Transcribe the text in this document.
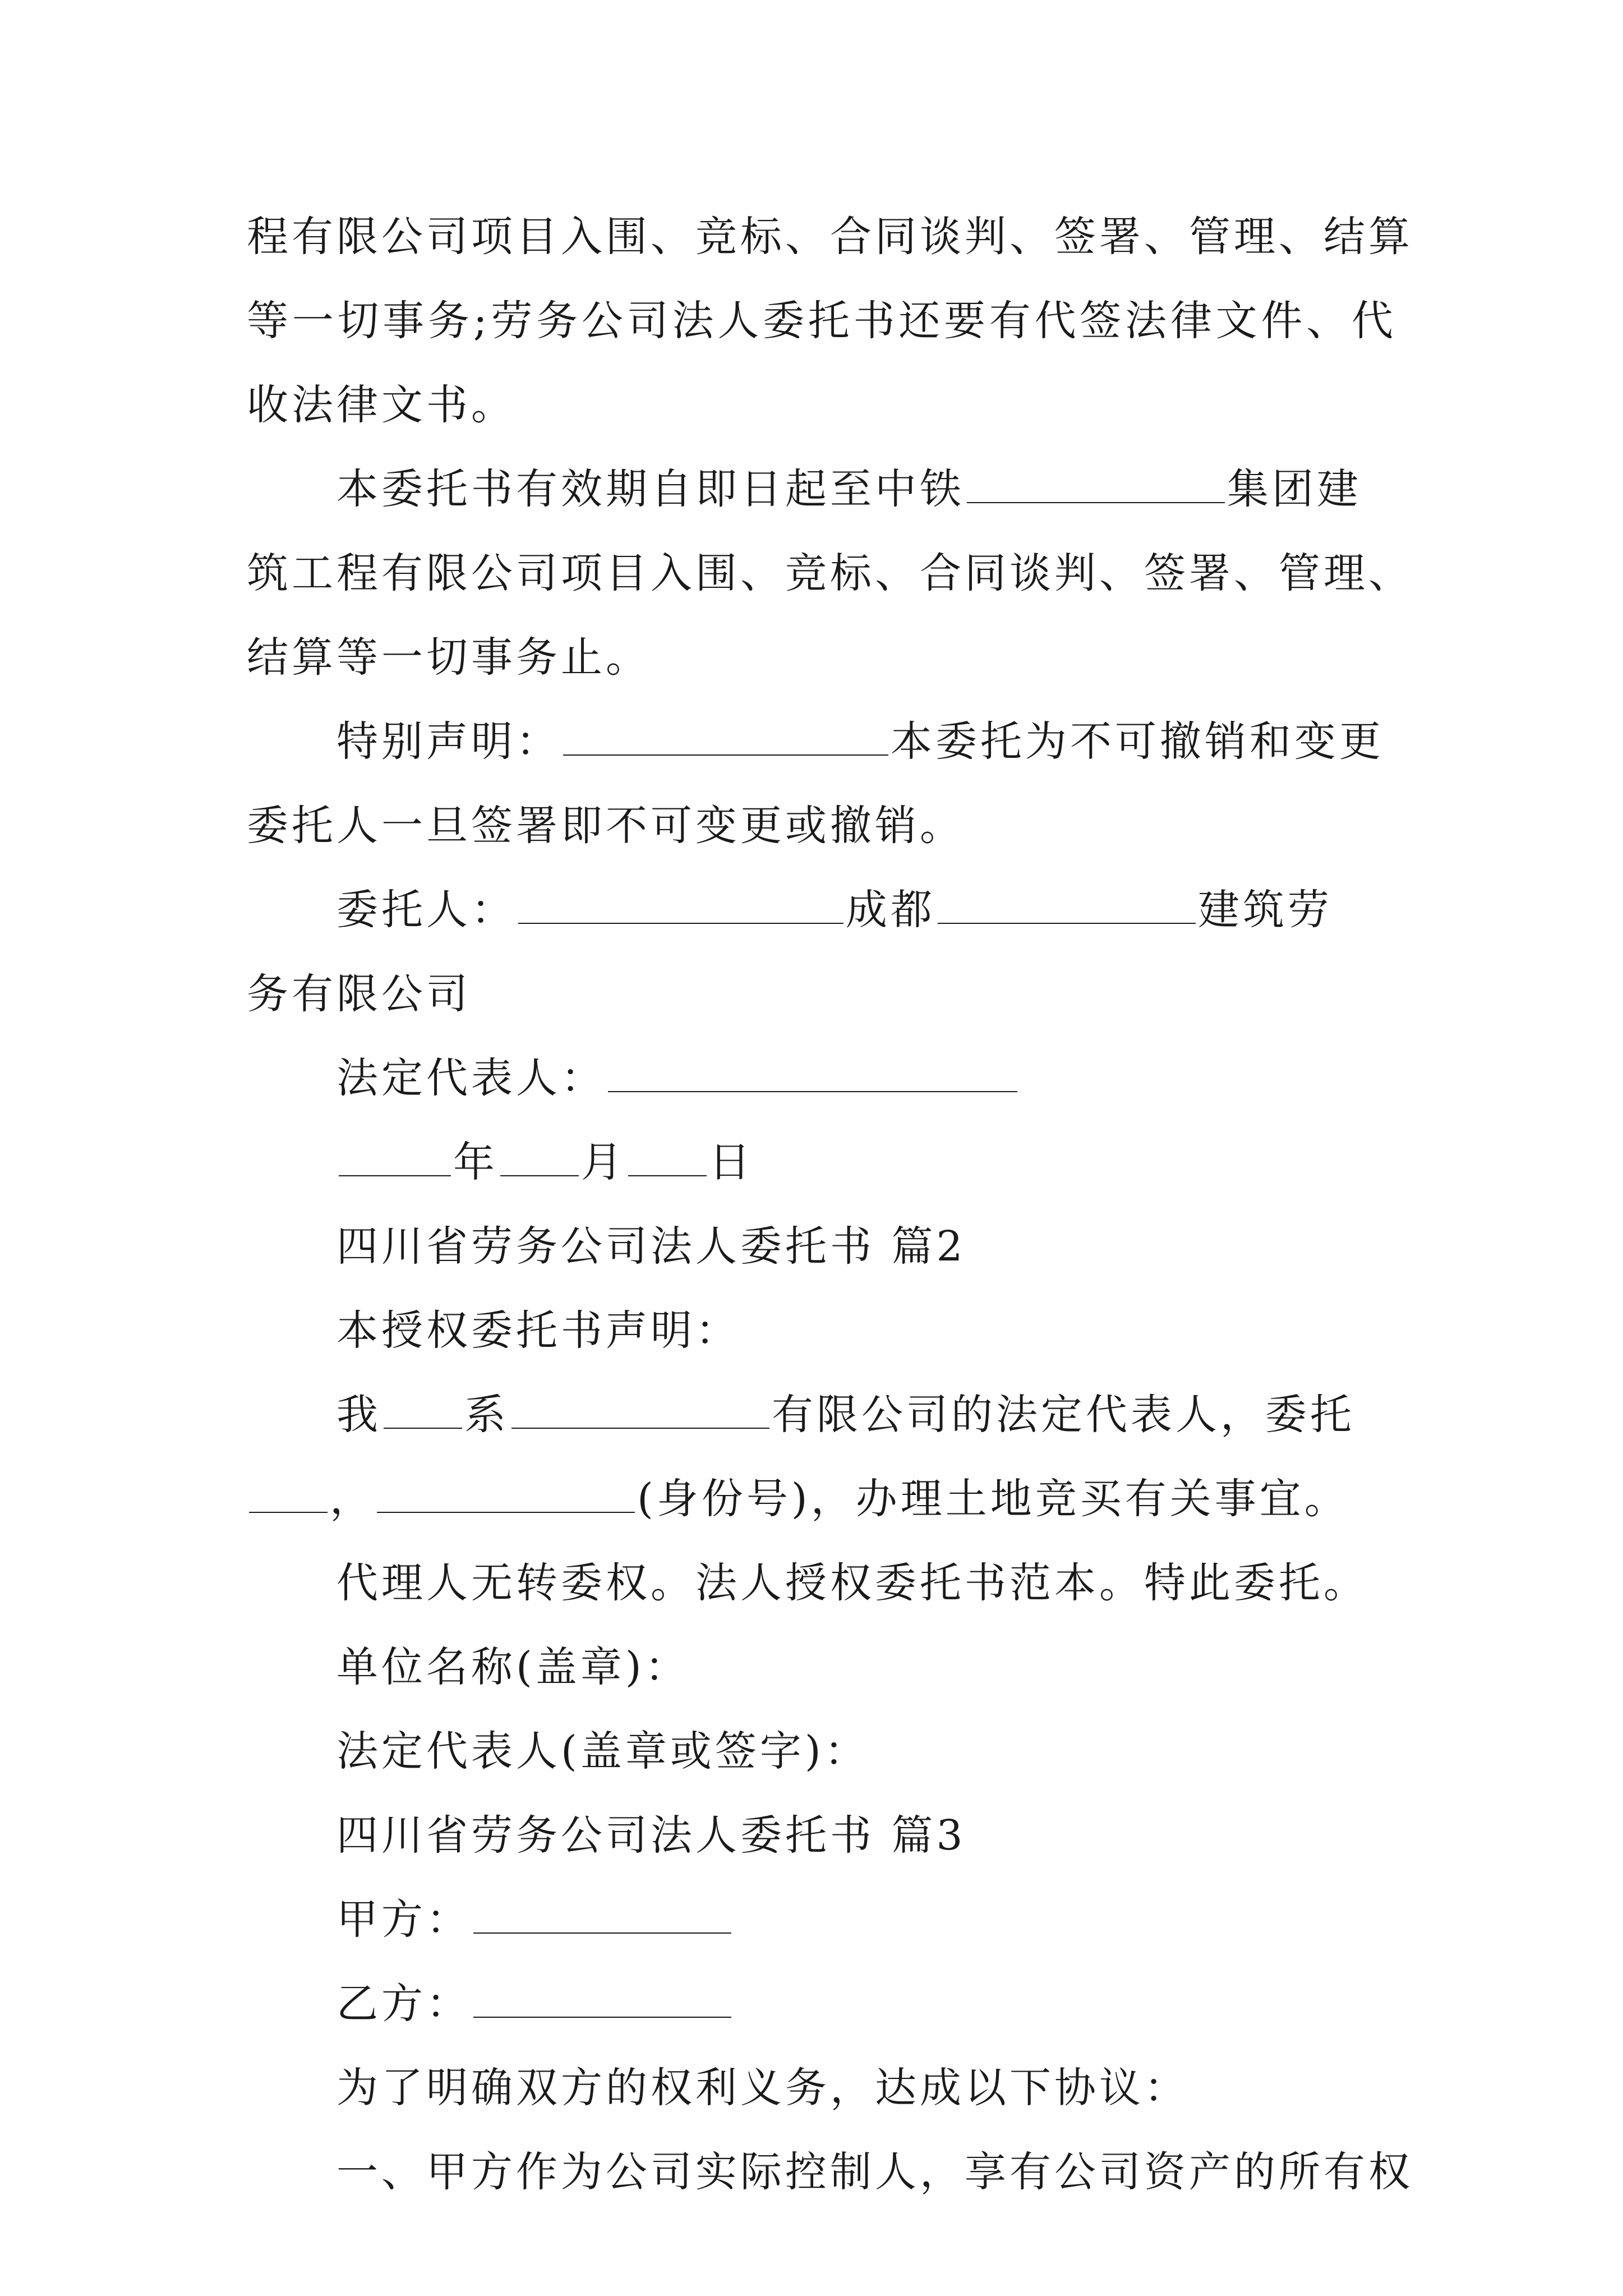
程有限公司项目入围、竞标、合同谈判、签署、管理、结算
等一切事务;劳务公司法人委托书还要有代签法律文件、代
收法律文书。
本委托书有效期自即日起至中铁	集团建
筑工程有限公司项目入围、竞标、合同谈判、签署、管理、
结算等一切事务止。
特别声明：	本委托为不可撤销和变更
委托人一旦签署即不可变更或撤销。
委托人：	成都	建筑劳
务有限公司
法定代表人：
年 月 日
四川省劳务公司法人委托书 篇2
本授权委托书声明：
我 系	有限公司的法定代表人，委托
，	(身份号)，办理土地竞买有关事宜。
代理人无转委权。法人授权委托书范本。特此委托。
单位名称(盖章)：
法定代表人(盖章或签字)：
四川省劳务公司法人委托书 篇3
甲方：
乙方：
为了明确双方的权利义务，达成以下协议：
一、甲方作为公司实际控制人，享有公司资产的所有权
